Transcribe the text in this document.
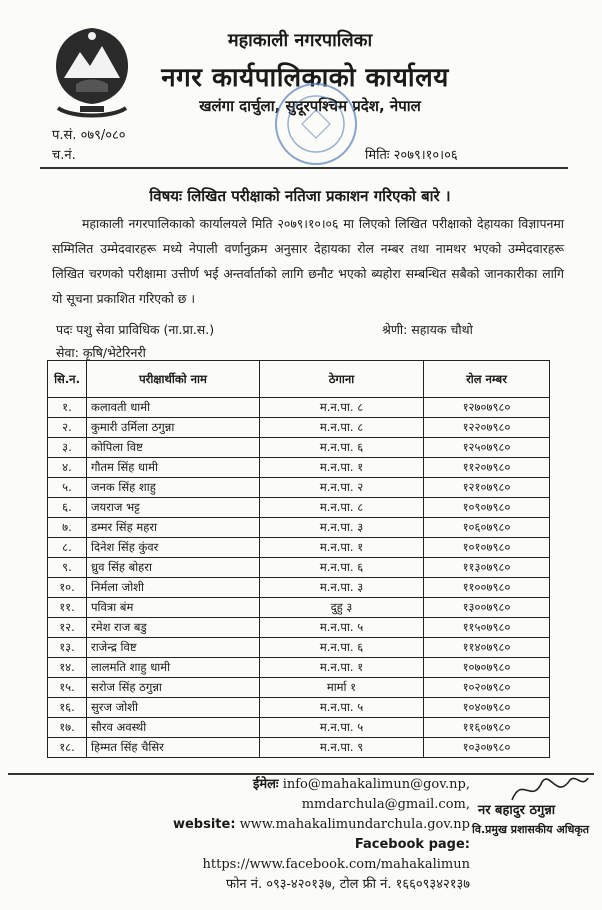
महाकाली नगरपालिका
नगर कार्यपालिकाको कार्यालय
खलंगा दार्चुला, सुदूरपश्चिम प्रदेश, नेपाल
प.सं. ०७९/०८०
च.नं.	मितिः २०७९।१०।०६
विषयः लिखित परीक्षाको नतिजा प्रकाशन गरिएको बारे ।
महाकाली नगरपालिकाको कार्यालयले मिति २०७९।१०।०६ मा लिएको लिखित परीक्षाको देहायका विज्ञापनमा सम्मिलित उम्मेदवारहरू मध्ये नेपाली वर्णानुक्रम अनुसार देहायका रोल नम्बर तथा नामथर भएको उम्मेदवारहरू लिखित चरणको परीक्षामा उत्तीर्ण भई अन्तर्वार्ताको लागि छनौट भएको ब्यहोरा सम्बन्धित सबैको जानकारीका लागि यो सूचना प्रकाशित गरिएको छ ।
पदः पशु सेवा प्राविधिक (ना.प्रा.स.)	श्रेणी: सहायक चौथो
सेवा: कृषि/भेटेरिनरी
सि.न.	परीक्षार्थीको नाम	ठेगाना	रोल नम्बर
१.	कलावती धामी	म.न.पा. ८	१२७०७९८०
२.	कुमारी उर्मिला ठगुन्ना	म.न.पा. ८	१२२०७९८०
३.	कोपिला विष्ट	म.न.पा. ६	१२५०७९८०
४.	गौतम सिंह धामी	म.न.पा. १	११२०७९८०
५.	जनक सिंह शाहु	म.न.पा. २	१२१०७९८०
६.	जयराज भट्ट	म.न.पा. ८	१०९०७९८०
७.	डम्मर सिंह महरा	म.न.पा. ३	१०६०७९८०
८.	दिनेश सिंह कुंवर	म.न.पा. १	१०१०७९८०
९.	ध्रुव सिंह बोहरा	म.न.पा. ६	११३०७९८०
१०.	निर्मला जोशी	म.न.पा. ३	११००७९८०
११.	पवित्रा बंम	दुहु ३	१३००७९८०
१२.	रमेश राज बडु	म.न.पा. ५	११५०७९८०
१३.	राजेन्द्र विष्ट	म.न.पा. ६	११४०७९८०
१४.	लालमति शाहु धामी	म.न.पा. १	१०७०७९८०
१५.	सरोज सिंह ठगुन्ना	मार्मा १	१०२०७९८०
१६.	सुरज जोशी	म.न.पा. ५	१०४०७९८०
१७.	सौरव अवस्थी	म.न.पा. ५	११६०७९८०
१८.	हिम्मत सिंह चैसिर	म.न.पा. ९	१०३०७९८०
ईमेलः info@mahakalimun@gov.np, mmdarchula@gmail.com,
website: www.mahakalimundarchula.gov.np
Facebook page: https://www.facebook.com/mahakalimun
फोन नं. ०९३-४२०१३७, टोल फ्री नं. १६६०९३४२१३७
नर बहादुर ठगुन्ना
वि.प्रमुख प्रशासकीय अधिकृत
